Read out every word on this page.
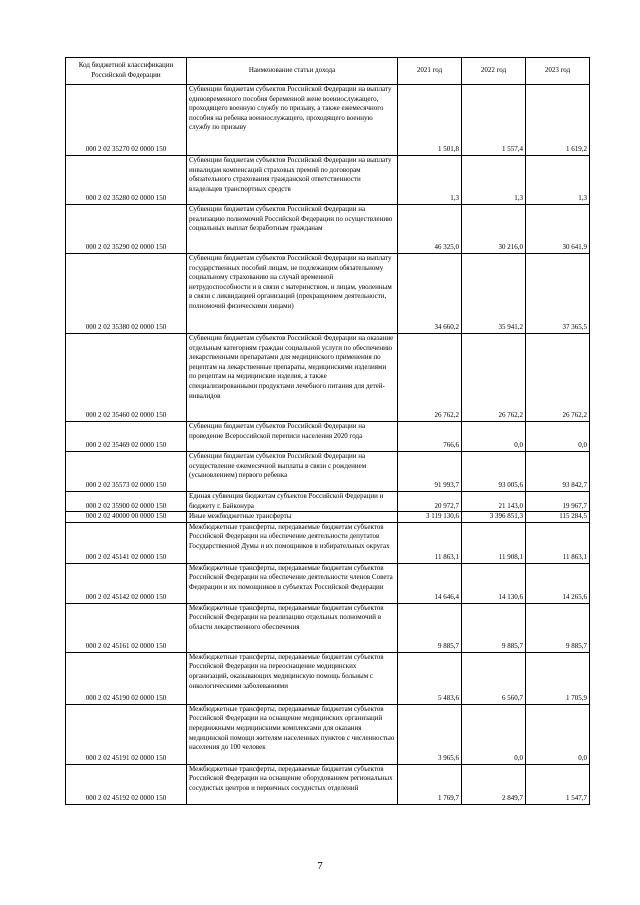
Код бюджетной классификации Российской Федерации	Наименование статьи дохода	2021 год	2022 год	2023 год
000 2 02 35270 02 0000 150	Субвенции бюджетам субъектов Российской Федерации на выплату единовременного пособия беременной жене военнослужащего, проходящего военную службу по призыву, а также ежемесячного пособия на ребенка военнослужащего, проходящего военную службу по призыву	1 501,8	1 557,4	1 619,2
000 2 02 35280 02 0000 150	Субвенции бюджетам субъектов Российской Федерации на выплату инвалидам компенсаций страховых премий по договорам обязательного страхования гражданской ответственности владельцев транспортных средств	1,3	1,3	1,3
000 2 02 35290 02 0000 150	Субвенции бюджетам субъектов Российской Федерации на реализацию полномочий Российской Федерации по осуществлению социальных выплат безработным гражданам	46 325,0	30 216,0	30 641,9
000 2 02 35380 02 0000 150	Субвенции бюджетам субъектов Российской Федерации на выплату государственных пособий лицам, не подлежащим обязательному социальному страхованию на случай временной нетрудоспособности и в связи с материнством, и лицам, уволенным в связи с ликвидацией организаций (прекращением деятельности, полномочий физическими лицами)	34 660,2	35 941,2	37 365,5
000 2 02 35460 02 0000 150	Субвенции бюджетам субъектов Российской Федерации на оказание отдельным категориям граждан социальной услуги по обеспечению лекарственными препаратами для медицинского применения по рецептам на лекарственные препараты, медицинскими изделиями по рецептам на медицинские изделия, а также специализированными продуктами лечебного питания для детей-инвалидов	26 762,2	26 762,2	26 762,2
000 2 02 35469 02 0000 150	Субвенции бюджетам субъектов Российской Федерации на проведение Всероссийской переписи населения 2020 года	766,6	0,0	0,0
000 2 02 35573 02 0000 150	Субвенции бюджетам субъектов Российской Федерации на осуществление ежемесячной выплаты в связи с рождением (усыновлением) первого ребенка	91 993,7	93 005,6	93 842,7
000 2 02 35900 02 0000 150	Единая субвенция бюджетам субъектов Российской Федерации и бюджету г. Байконура	20 972,7	21 143,0	19 967,7
000 2 02 40000 00 0000 150	Иные межбюджетные трансферты	3 119 130,6	3 396 851,3	115 284,5
000 2 02 45141 02 0000 150	Межбюджетные трансферты, передаваемые бюджетам субъектов Российской Федерации на обеспечение деятельности депутатов Государственной Думы и их помощников в избирательных округах	11 863,1	11 908,1	11 863,1
000 2 02 45142 02 0000 150	Межбюджетные трансферты, передаваемые бюджетам субъектов Российской Федерации на обеспечение деятельности членов Совета Федерации и их помощников в субъектах Российской Федерации	14 646,4	14 130,6	14 265,6
000 2 02 45161 02 0000 150	Межбюджетные трансферты, передаваемые бюджетам субъектов Российской Федерации на реализацию отдельных полномочий в области лекарственного обеспечения	9 885,7	9 885,7	9 885,7
000 2 02 45190 02 0000 150	Межбюджетные трансферты, передаваемые бюджетам субъектов Российской Федерации на переоснащение медицинских организаций, оказывающих медицинскую помощь больным с онкологическими заболеваниями	5 483,6	6 560,7	1 705,9
000 2 02 45191 02 0000 150	Межбюджетные трансферты, передаваемые бюджетам субъектов Российской Федерации на оснащение медицинских организаций передвижными медицинскими комплексами для оказания медицинской помощи жителям населенных пунктов с численностью населения до 100 человек	3 965,6	0,0	0,0
000 2 02 45192 02 0000 150	Межбюджетные трансферты, передаваемые бюджетам субъектов Российской Федерации на оснащение оборудованием региональных сосудистых центров и первичных сосудистых отделений	1 769,7	2 849,7	1 547,7
7
